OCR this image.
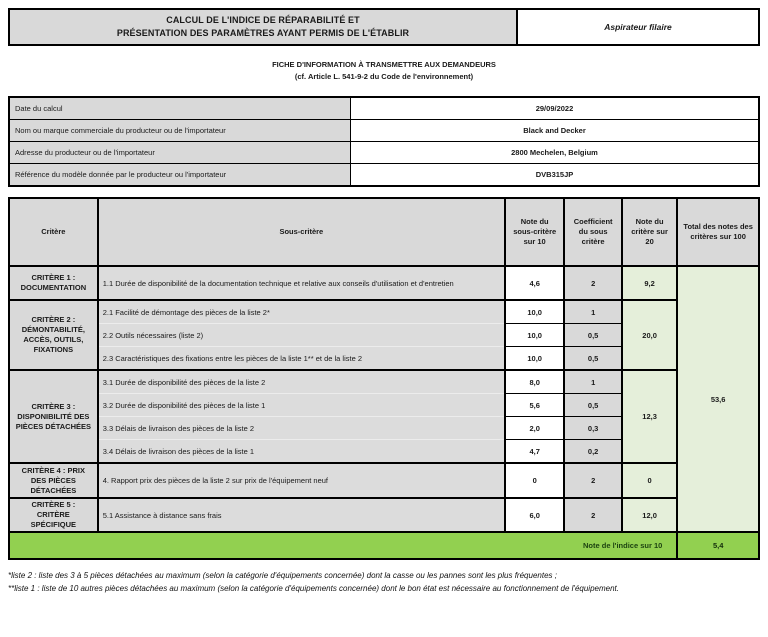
CALCUL DE L'INDICE DE RÉPARABILITÉ ET
PRÉSENTATION DES PARAMÈTRES AYANT PERMIS DE L'ÉTABLIR
Aspirateur filaire
FICHE D'INFORMATION À TRANSMETTRE AUX DEMANDEURS
(cf. Article L. 541-9-2 du Code de l'environnement)
Date du calcul	29/09/2022
Nom ou marque commerciale du producteur ou de l'importateur	Black and Decker
Adresse du producteur ou de l'importateur	2800 Mechelen, Belgium
Référence du modèle donnée par le producteur ou l'importateur	DVB315JP
Critère	Sous-critère	Note du sous-critère sur 10	Coefficient du sous critère	Note du critère sur 20	Total des notes des critères sur 100
CRITÈRE 1 : DOCUMENTATION	1.1 Durée de disponibilité de la documentation technique et relative aux conseils d'utilisation et d'entretien	4,6	2	9,2	53,6
CRITÈRE 2 : DÉMONTABILITÉ, ACCÈS, OUTILS, FIXATIONS	2.1 Facilité de démontage des pièces de la liste 2*	10,0	1	20,0	
	2.2 Outils nécessaires (liste 2)	10,0	0,5		
	2.3 Caractéristiques des fixations entre les pièces de la liste 1** et de la liste 2	10,0	0,5		
CRITÈRE 3 : DISPONIBILITÉ DES PIÈCES DÉTACHÉES	3.1 Durée de disponibilité des pièces de la liste 2	8,0	1	12,3	
	3.2 Durée de disponibilité des pièces de la liste 1	5,6	0,5		
	3.3 Délais de livraison des pièces de la liste 2	2,0	0,3		
	3.4 Délais de livraison des pièces de la liste 1	4,7	0,2		
CRITÈRE 4 : PRIX DES PIÈCES DÉTACHÉES	4. Rapport prix des pièces de la liste 2 sur prix de l'équipement neuf	0	2	0	
CRITÈRE 5 : CRITÈRE SPÉCIFIQUE	5.1 Assistance à distance sans frais	6,0	2	12,0	
Note de l'indice sur 10					5,4
*liste 2 : liste des 3 à 5 pièces détachées au maximum (selon la catégorie d'équipements concernée) dont la casse ou les pannes sont les plus fréquentes ;
**liste 1 : liste de 10 autres pièces détachées au maximum (selon la catégorie d'équipements concernée) dont le bon état est nécessaire au fonctionnement de l'équipement.
